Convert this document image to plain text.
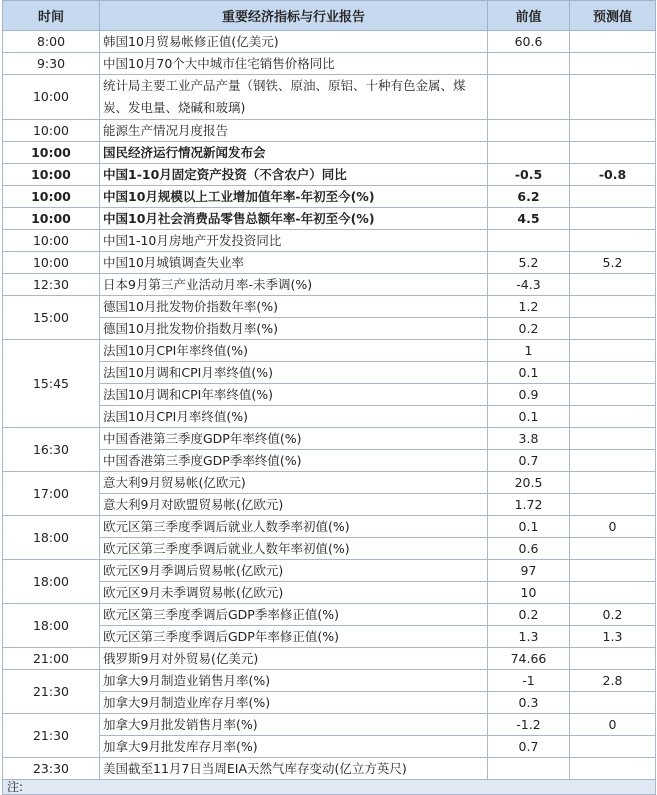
时间	重要经济指标与行业报告	前值	预测值
8:00	韩国10月贸易帐修正值(亿美元)	60.6	
9:30	中国10月70个大中城市住宅销售价格同比		
10:00	统计局主要工业产品产量（钢铁、原油、原铝、十种有色金属、煤炭、发电量、烧碱和玻璃)		
10:00	能源生产情况月度报告		
10:00	国民经济运行情况新闻发布会		
10:00	中国1-10月固定资产投资（不含农户）同比	-0.5	-0.8
10:00	中国10月规模以上工业增加值年率-年初至今(%)	6.2	
10:00	中国10月社会消费品零售总额年率-年初至今(%)	4.5	
10:00	中国1-10月房地产开发投资同比		
10:00	中国10月城镇调查失业率	5.2	5.2
12:30	日本9月第三产业活动月率-未季调(%)	-4.3	
15:00	德国10月批发物价指数年率(%)	1.2	
	德国10月批发物价指数月率(%)	0.2	
15:45	法国10月CPI年率终值(%)	1	
	法国10月调和CPI月率终值(%)	0.1	
	法国10月调和CPI年率终值(%)	0.9	
	法国10月CPI月率终值(%)	0.1	
16:30	中国香港第三季度GDP年率终值(%)	3.8	
	中国香港第三季度GDP季率终值(%)	0.7	
17:00	意大利9月贸易帐(亿欧元)	20.5	
	意大利9月对欧盟贸易帐(亿欧元)	1.72	
18:00	欧元区第三季度季调后就业人数季率初值(%)	0.1	0
	欧元区第三季度季调后就业人数年率初值(%)	0.6	
18:00	欧元区9月季调后贸易帐(亿欧元)	97	
	欧元区9月未季调贸易帐(亿欧元)	10	
18:00	欧元区第三季度季调后GDP季率修正值(%)	0.2	0.2
	欧元区第三季度季调后GDP年率修正值(%)	1.3	1.3
21:00	俄罗斯9月对外贸易(亿美元)	74.66	
21:30	加拿大9月制造业销售月率(%)	-1	2.8
	加拿大9月制造业库存月率(%)	0.3	
21:30	加拿大9月批发销售月率(%)	-1.2	0
	加拿大9月批发库存月率(%)	0.7	
23:30	美国截至11月7日当周EIA天然气库存变动(亿立方英尺)		
注:			
